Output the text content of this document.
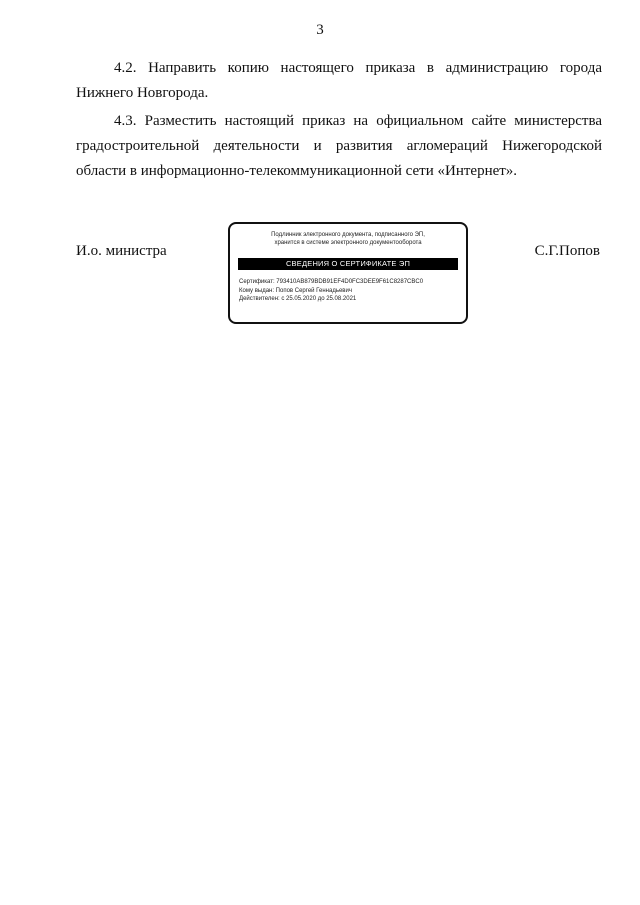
3

4.2. Направить копию настоящего приказа в администрацию города Нижнего Новгорода.

4.3. Разместить настоящий приказ на официальном сайте министерства градостроительной деятельности и развития агломераций Нижегородской области в информационно-телекоммуникационной сети «Интернет».

И.о. министра
Подлинник электронного документа, подписанного ЭП,
хранится в системе электронного документооборота
СВЕДЕНИЯ О СЕРТИФИКАТЕ ЭП
Сертификат: 793410AB879BDB91EF4D0FC3DEE9F61C8287CBC0
Кому выдан: Попов Сергей Геннадьевич
Действителен: с 25.05.2020 до 25.08.2021
С.Г.Попов
